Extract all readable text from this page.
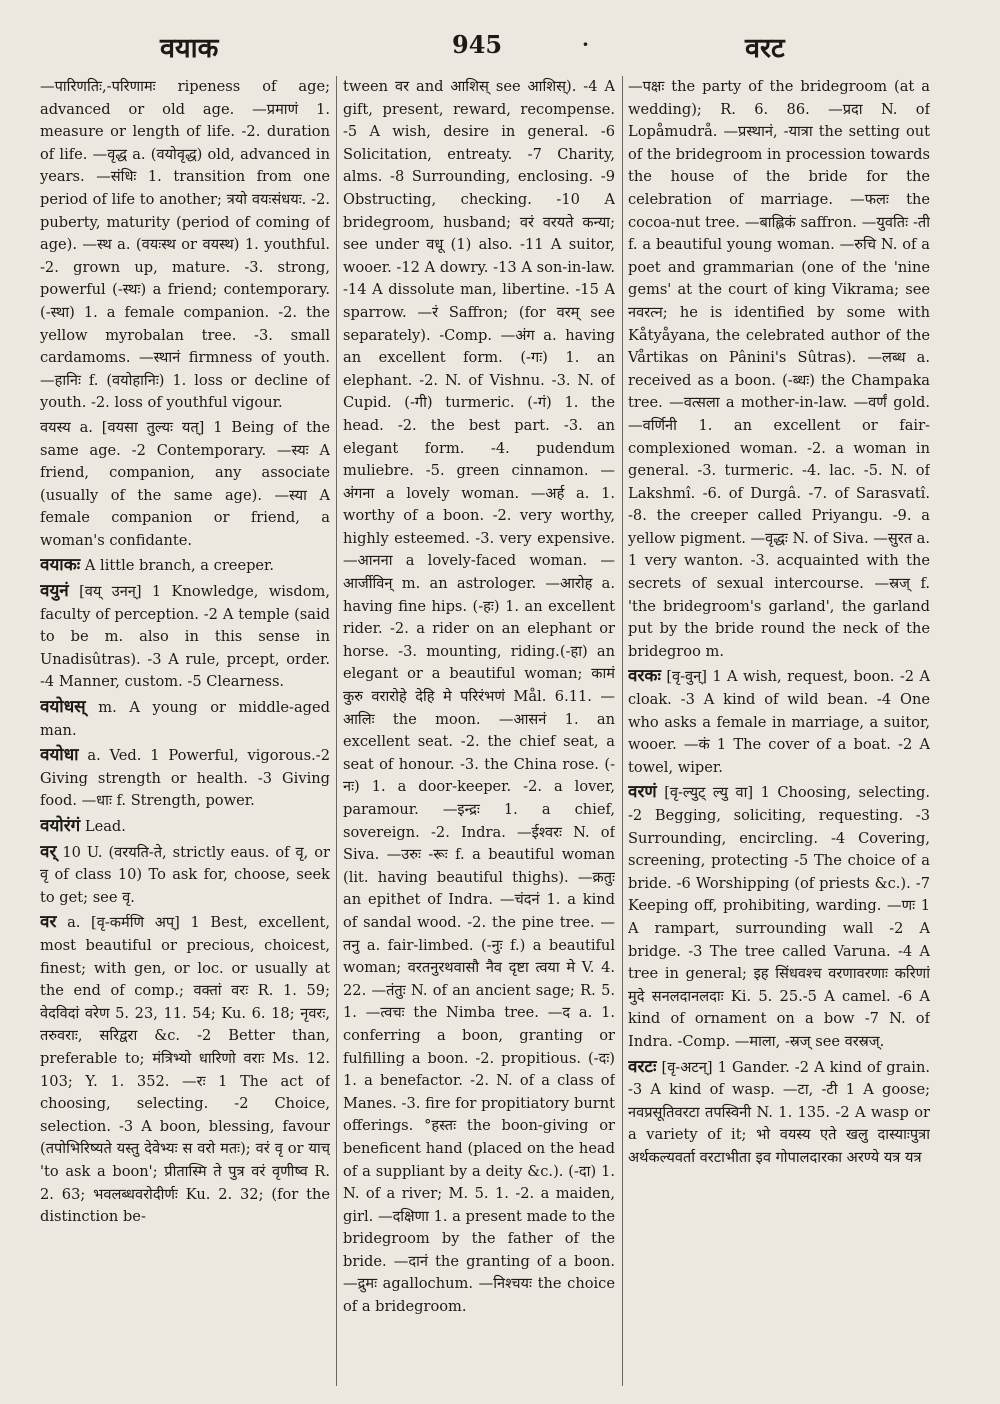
वयाक	945	·	वरट

—पारिणतिः,-परिणामः ripeness of age; advanced or old age. —प्रमाणं 1. measure or length of life. -2. duration of life. —वृद्ध a. (वयोवृद्ध) old, advanced in years. —संधिः 1. transition from one period of life to another; त्रयो वयःसंधयः. -2. puberty, maturity (period of coming of age). —स्थ a. (वयःस्थ or वयस्थ) 1. youthful. -2. grown up, mature. -3. strong, powerful (-स्थः) a friend; contemporary. (-स्था) 1. a female companion. -2. the yellow myrobalan tree. -3. small cardamoms. —स्थानं firmness of youth. —हानिः f. (वयोहानिः) 1. loss or decline of youth. -2. loss of youthful vigour.

वयस्य a. [वयसा तुल्यः यत्] 1 Being of the same age. -2 Contemporary. —स्यः A friend, companion, any associate (usually of the same age). —स्या A female companion or friend, a woman's confidante.

वयाकः A little branch, a creeper.

वयुनं [वय् उनन्] 1 Knowledge, wisdom, faculty of perception. -2 A temple (said to be m. also in this sense in Unadisûtras). -3 A rule, prcept, order. -4 Manner, custom. -5 Clearness.

वयोधस् m. A young or middle-aged man.

वयोधा a. Ved. 1 Powerful, vigorous.-2 Giving strength or health. -3 Giving food. —धाः f. Strength, power.

वयोरंगं Lead.

वर् 10 U. (वरयति-ते, strictly eaus. of वृ, or वृ of class 10) To ask for, choose, seek to get; see वृ.

वर a. [वृ-कर्मणि अप्] 1 Best, excellent, most beautiful or precious, choicest, finest; with gen, or loc. or usually at the end of comp.; वक्तां वरः R. 1. 59; वेदविदां वरेण 5. 23, 11. 54; Ku. 6. 18; नृवरः, तरुवराः, सरिद्वरा &c. -2 Better than, preferable to; मंत्रिभ्यो धारिणो वराः Ms. 12. 103; Y. 1. 352. —रः 1 The act of choosing, selecting. -2 Choice, selection. -3 A boon, blessing, favour (तपोभिरिष्यते यस्तु देवेभ्यः स वरो मतः); वरं वृ or याच् 'to ask a boon'; प्रीतास्मि ते पुत्र वरं वृणीष्व R. 2. 63; भवलब्धवरोदीर्णः Ku. 2. 32; (for the distinction be-

tween वर and आशिस् see आशिस्). -4 A gift, present, reward, recompense. -5 A wish, desire in general. -6 Solicitation, entreaty. -7 Charity, alms. -8 Surrounding, enclosing. -9 Obstructing, checking. -10 A bridegroom, husband; वरं वरयते कन्या; see under वधू (1) also. -11 A suitor, wooer. -12 A dowry. -13 A son-in-law. -14 A dissolute man, libertine. -15 A sparrow. —रं Saffron; (for वरम् see separately). -Comp. —अंग a. having an excellent form. (-गः) 1. an elephant. -2. N. of Vishnu. -3. N. of Cupid. (-गी) turmeric. (-गं) 1. the head. -2. the best part. -3. an elegant form. -4. pudendum muliebre. -5. green cinnamon. —अंगना a lovely woman. —अर्ह a. 1. worthy of a boon. -2. very worthy, highly esteemed. -3. very expensive. —आनना a lovely-faced woman. —आर्जीविन् m. an astrologer. —आरोह a. having fine hips. (-हः) 1. an excellent rider. -2. a rider on an elephant or horse. -3. mounting, riding.(-हा) an elegant or a beautiful woman; कामं कुरु वरारोहे देहि मे परिरंभणं Mål. 6.11. —आलिः the moon. —आसनं 1. an excellent seat. -2. the chief seat, a seat of honour. -3. the China rose. (-नः) 1. a door-keeper. -2. a lover, paramour. —इन्द्रः 1. a chief, sovereign. -2. Indra. —ईश्वरः N. of Siva. —उरुः -रूः f. a beautiful woman (lit. having beautiful thighs). —क्रतुः an epithet of Indra. —चंदनं 1. a kind of sandal wood. -2. the pine tree. —तनु a. fair-limbed. (-नुः f.) a beautiful woman; वरतनुरथवासौ नैव दृष्टा त्वया मे V. 4. 22. —तंतुः N. of an ancient sage; R. 5. 1. —त्वचः the Nimba tree. —द a. 1. conferring a boon, granting or fulfilling a boon. -2. propitious. (-दः) 1. a benefactor. -2. N. of a class of Manes. -3. fire for propitiatory burnt offerings. °हस्तः the boon-giving or beneficent hand (placed on the head of a suppliant by a deity &c.). (-दा) 1. N. of a river; M. 5. 1. -2. a maiden, girl. —दक्षिणा 1. a present made to the bridegroom by the father of the bride. —दानं the granting of a boon. —द्रुमः agallochum. —निश्चयः the choice of a bridegroom.

—पक्षः the party of the bridegroom (at a wedding); R. 6. 86. —प्रदा N. of Lopåmudrå. —प्रस्थानं, -यात्रा the setting out of the bridegroom in procession towards the house of the bride for the celebration of marriage. —फलः the cocoa-nut tree. —बाह्लिकं saffron. —युवतिः -ती f. a beautiful young woman. —रुचि N. of a poet and grammarian (one of the 'nine gems' at the court of king Vikrama; see नवरत्न; he is identified by some with Kåtyåyana, the celebrated author of the Vårtikas on Pânini's Sûtras). —लब्ध a. received as a boon. (-ब्धः) the Champaka tree. —वत्सला a mother-in-law. —वर्णं gold. —वर्णिनी 1. an excellent or fair-complexioned woman. -2. a woman in general. -3. turmeric. -4. lac. -5. N. of Lakshmî. -6. of Durgâ. -7. of Sarasvatî. -8. the creeper called Priyangu. -9. a yellow pigment. —वृद्धः N. of Siva. —सुरत a. 1 very wanton. -3. acquainted with the secrets of sexual intercourse. —स्रज् f. 'the bridegroom's garland', the garland put by the bride round the neck of the bridegroo m.

वरकः [वृ-वुन्] 1 A wish, request, boon. -2 A cloak. -3 A kind of wild bean. -4 One who asks a female in marriage, a suitor, wooer. —कं 1 The cover of a boat. -2 A towel, wiper.

वरणं [वृ-ल्युट् ल्यु वा] 1 Choosing, selecting. -2 Begging, soliciting, requesting. -3 Surrounding, encircling. -4 Covering, screening, protecting -5 The choice of a bride. -6 Worshipping (of priests &c.). -7 Keeping off, prohibiting, warding. —णः 1 A rampart, surrounding wall -2 A bridge. -3 The tree called Varuna. -4 A tree in general; इह सिंधवश्च वरणावरणाः करिणां मुदे सनलदानलदाः Ki. 5. 25.-5 A camel. -6 A kind of ornament on a bow -7 N. of Indra. -Comp. —माला, -स्रज् see वरस्रज्.

वरटः [वृ-अटन्] 1 Gander. -2 A kind of grain. -3 A kind of wasp. —टा, -टी 1 A goose; नवप्रसूतिवरटा तपस्विनी N. 1. 135. -2 A wasp or a variety of it; भो वयस्य एते खलु दास्याःपुत्रा अर्थकल्यवर्ता वरटाभीता इव गोपालदारका अरण्ये यत्र यत्र
